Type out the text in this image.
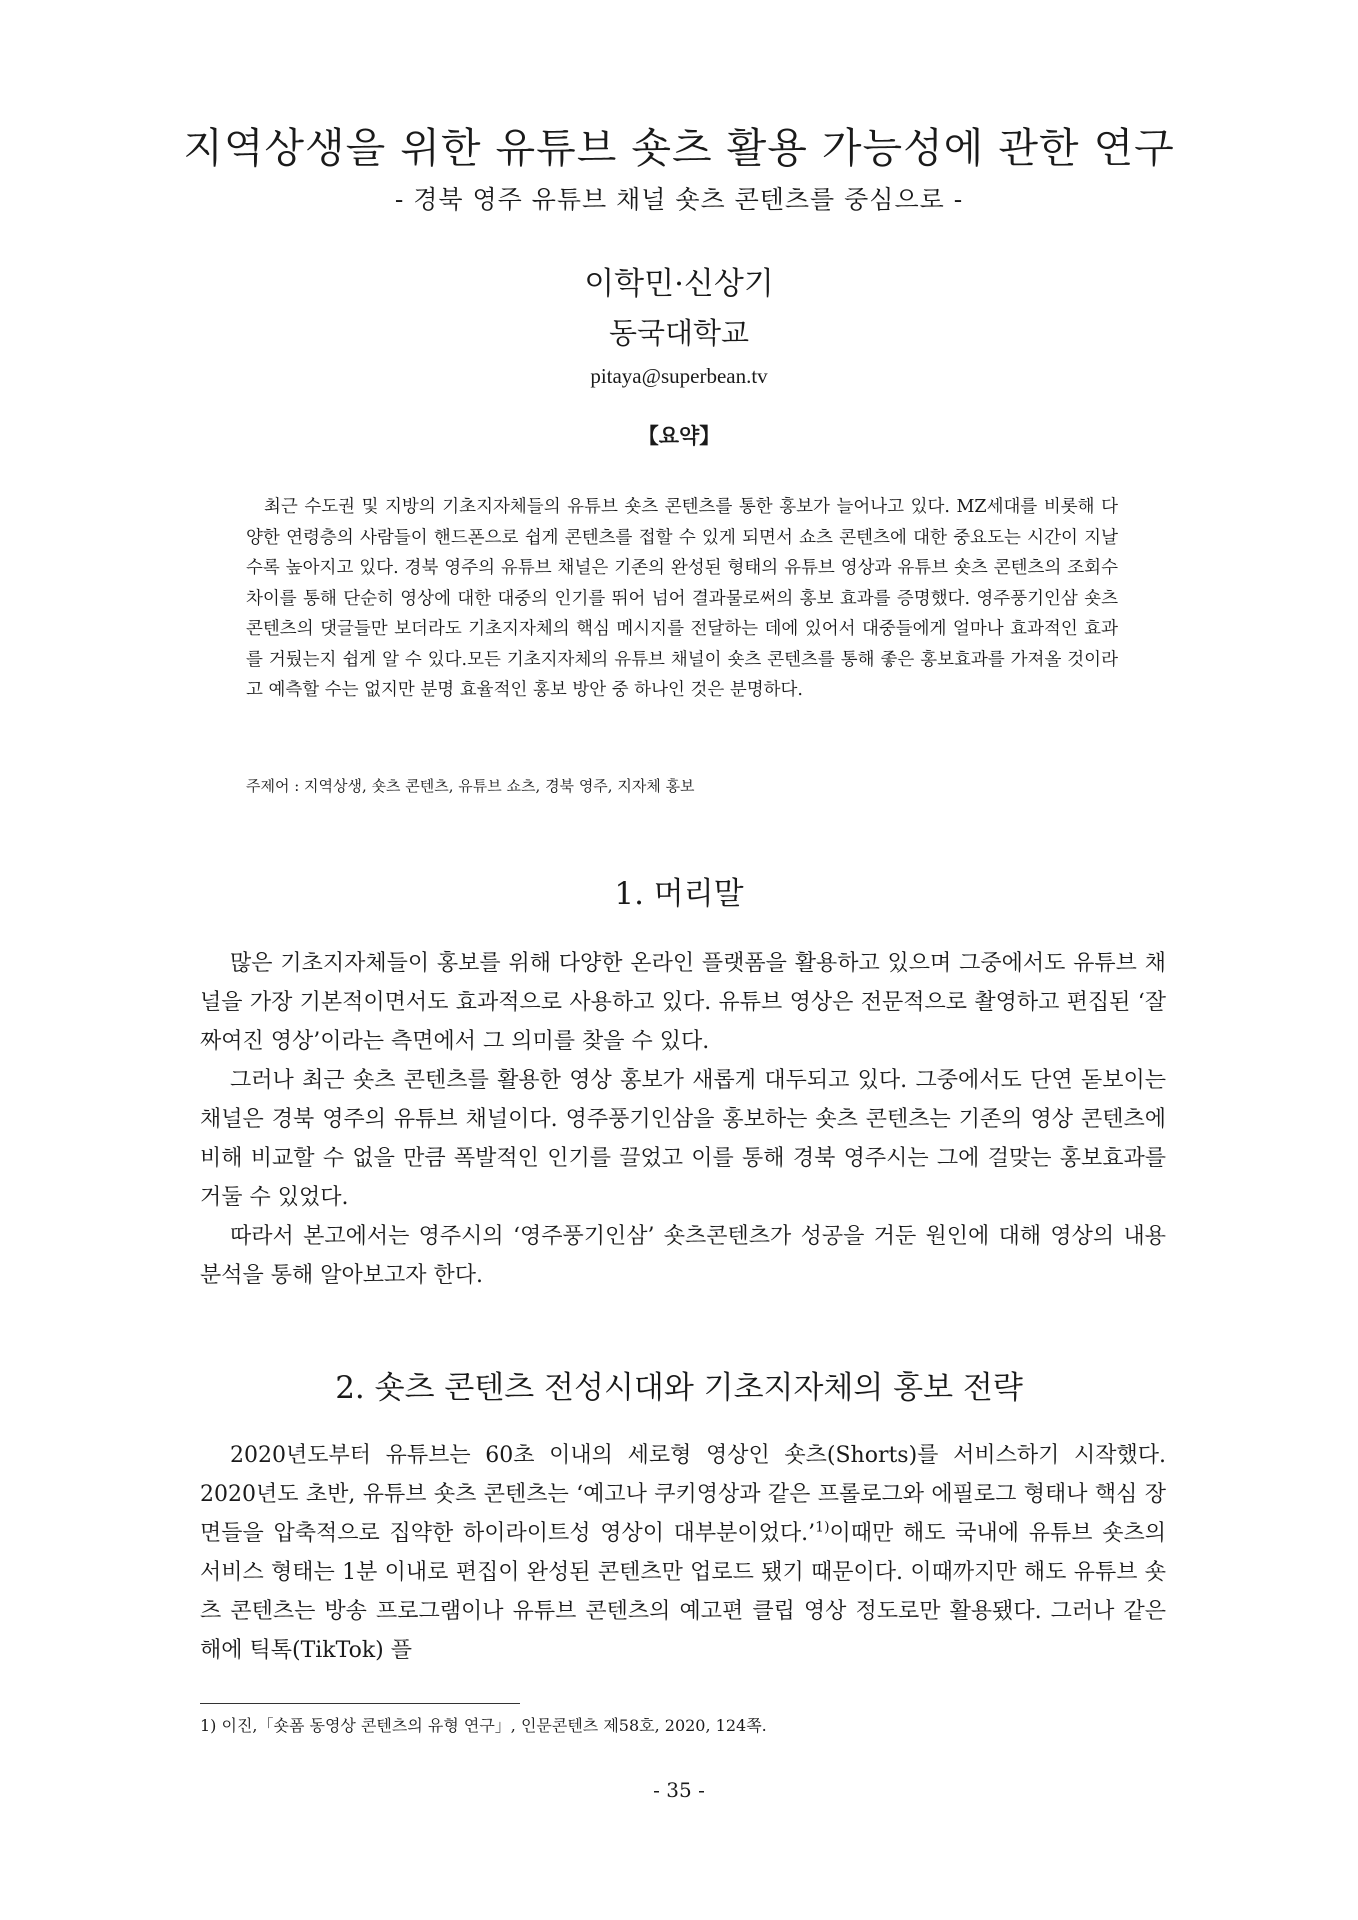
지역상생을 위한 유튜브 숏츠 활용 가능성에 관한 연구
- 경북 영주 유튜브 채널 숏츠 콘텐츠를 중심으로 -
이학민·신상기
동국대학교
pitaya@superbean.tv
【요약】

최근 수도권 및 지방의 기초지자체들의 유튜브 숏츠 콘텐츠를 통한 홍보가 늘어나고 있다. MZ세대를 비롯해 다양한 연령층의 사람들이 핸드폰으로 쉽게 콘텐츠를 접할 수 있게 되면서 쇼츠 콘텐츠에 대한 중요도는 시간이 지날수록 높아지고 있다. 경북 영주의 유튜브 채널은 기존의 완성된 형태의 유튜브 영상과 유튜브 숏츠 콘텐츠의 조회수 차이를 통해 단순히 영상에 대한 대중의 인기를 뛰어 넘어 결과물로써의 홍보 효과를 증명했다. 영주풍기인삼 숏츠 콘텐츠의 댓글들만 보더라도 기초지자체의 핵심 메시지를 전달하는 데에 있어서 대중들에게 얼마나 효과적인 효과를 거뒀는지 쉽게 알 수 있다.모든 기초지자체의 유튜브 채널이 숏츠 콘텐츠를 통해 좋은 홍보효과를 가져올 것이라고 예측할 수는 없지만 분명 효율적인 홍보 방안 중 하나인 것은 분명하다.

주제어 : 지역상생, 숏츠 콘텐츠, 유튜브 쇼츠, 경북 영주, 지자체 홍보
1. 머리말

많은 기초지자체들이 홍보를 위해 다양한 온라인 플랫폼을 활용하고 있으며 그중에서도 유튜브 채널을 가장 기본적이면서도 효과적으로 사용하고 있다. 유튜브 영상은 전문적으로 촬영하고 편집된 ‘잘 짜여진 영상’이라는 측면에서 그 의미를 찾을 수 있다.

그러나 최근 숏츠 콘텐츠를 활용한 영상 홍보가 새롭게 대두되고 있다. 그중에서도 단연 돋보이는 채널은 경북 영주의 유튜브 채널이다. 영주풍기인삼을 홍보하는 숏츠 콘텐츠는 기존의 영상 콘텐츠에 비해 비교할 수 없을 만큼 폭발적인 인기를 끌었고 이를 통해 경북 영주시는 그에 걸맞는 홍보효과를 거둘 수 있었다.

따라서 본고에서는 영주시의 ‘영주풍기인삼’ 숏츠콘텐츠가 성공을 거둔 원인에 대해 영상의 내용 분석을 통해 알아보고자 한다.

2. 숏츠 콘텐츠 전성시대와 기초지자체의 홍보 전략

2020년도부터 유튜브는 60초 이내의 세로형 영상인 숏츠(Shorts)를 서비스하기 시작했다. 2020년도 초반, 유튜브 숏츠 콘텐츠는 ‘예고나 쿠키영상과 같은 프롤로그와 에필로그 형태나 핵심 장면들을 압축적으로 집약한 하이라이트성 영상이 대부분이었다.’$^{1)}$이때만 해도 국내에 유튜브 숏츠의 서비스 형태는 1분 이내로 편집이 완성된 콘텐츠만 업로드 됐기 때문이다. 이때까지만 해도 유튜브 숏츠 콘텐츠는 방송 프로그램이나 유튜브 콘텐츠의 예고편 클립 영상 정도로만 활용됐다. 그러나 같은 해에 틱톡(TikTok) 플

1) 이진,「숏폼 동영상 콘텐츠의 유형 연구」, 인문콘텐츠 제58호, 2020, 124쪽.
- 35 -
